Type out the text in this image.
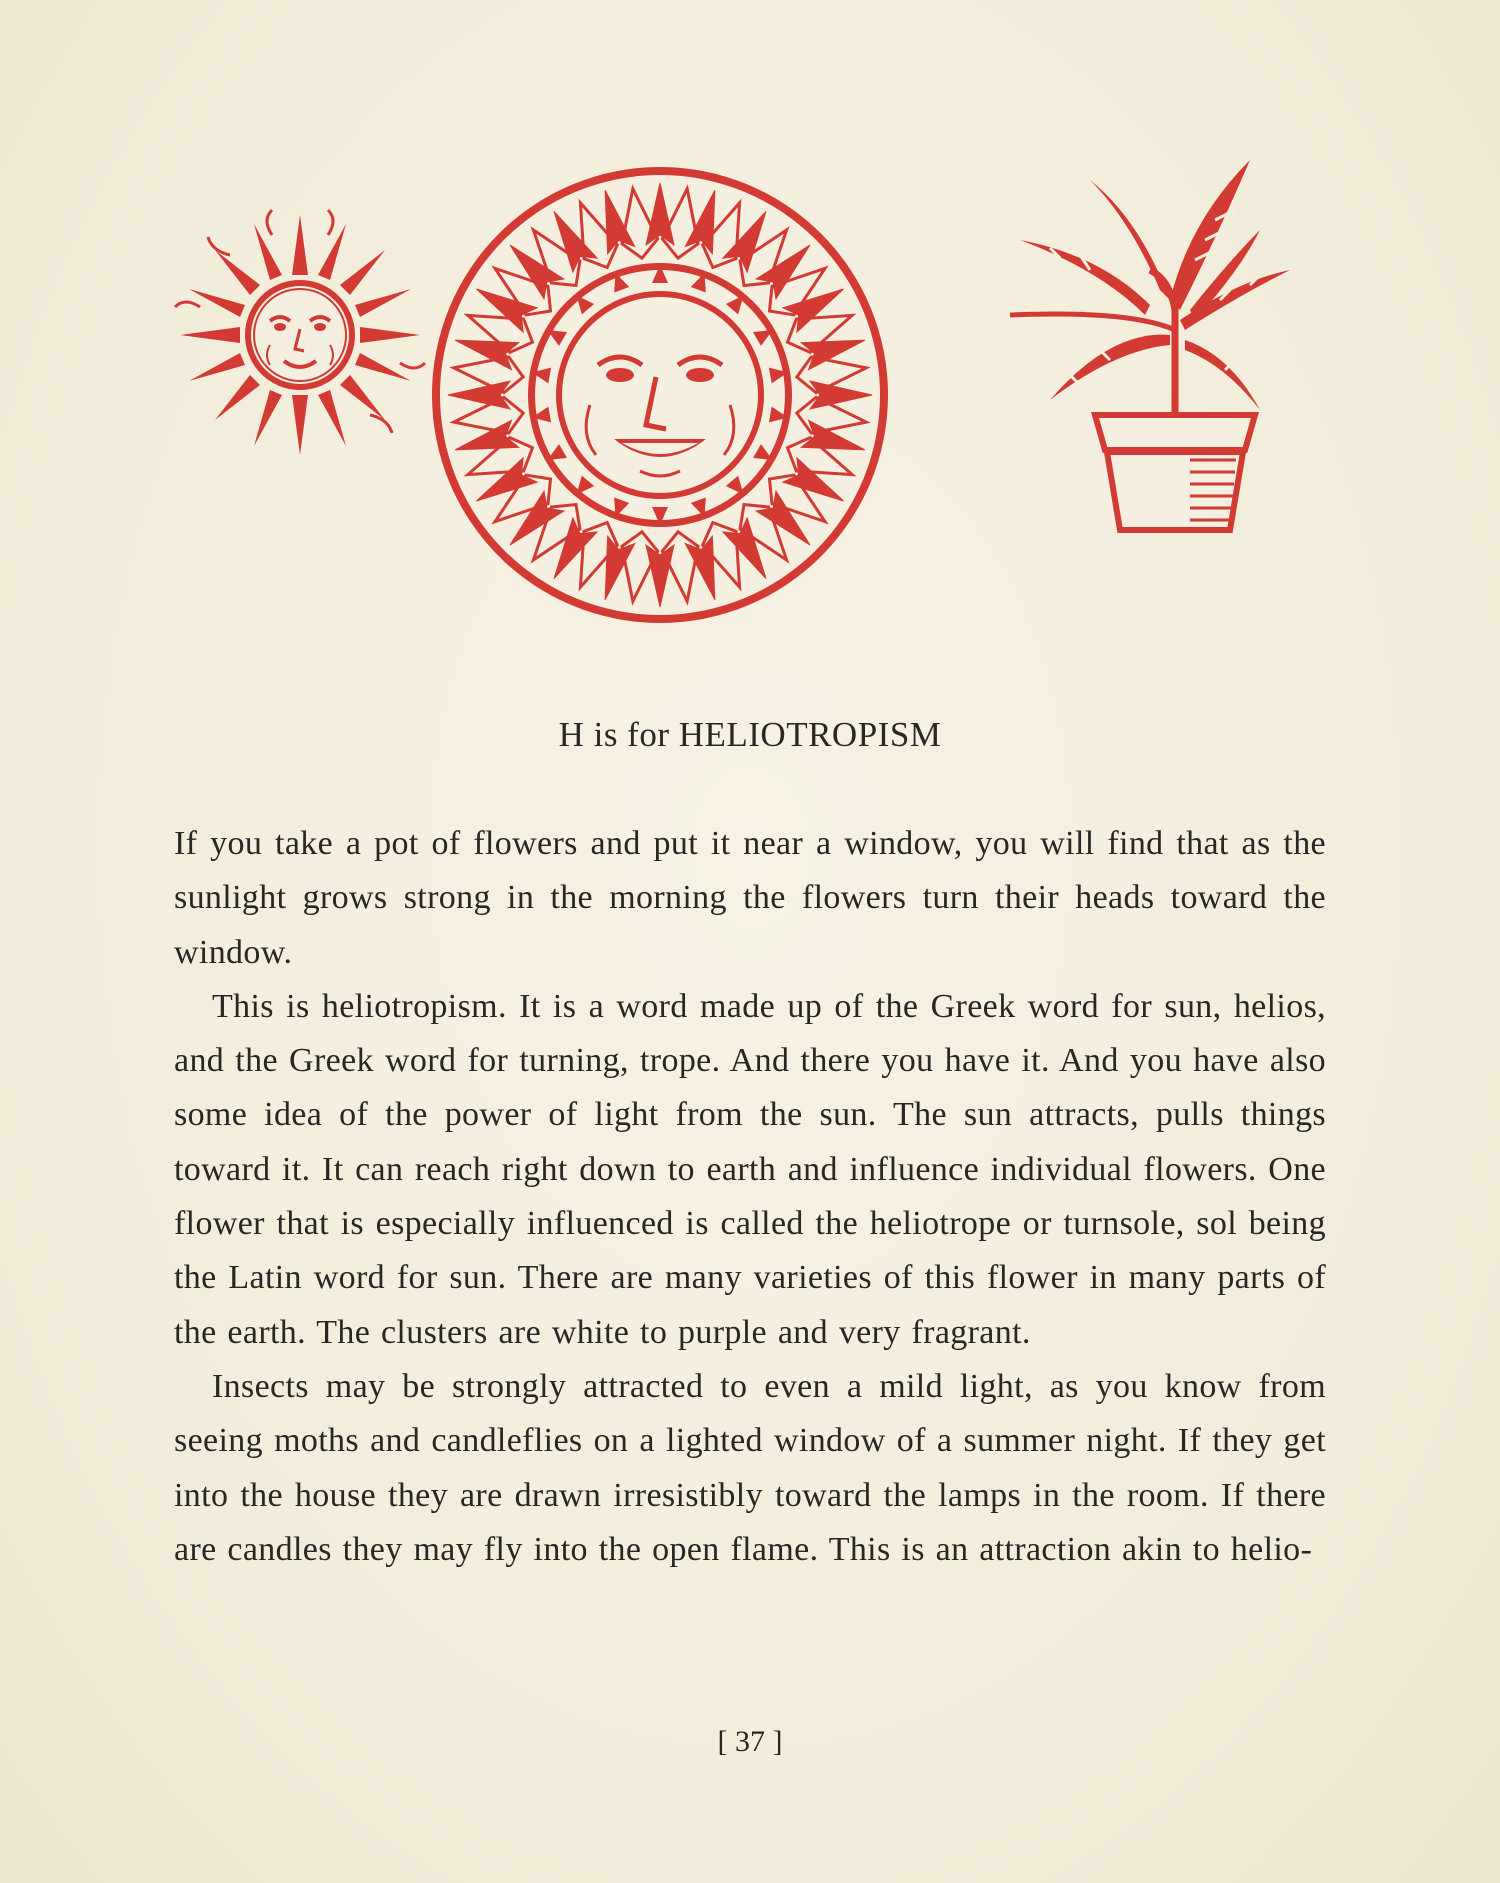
H is for HELIOTROPISM

If you take a pot of flowers and put it near a window, you will find that as the sunlight grows strong in the morning the flowers turn their heads toward the window.

This is heliotropism. It is a word made up of the Greek word for sun, helios, and the Greek word for turning, trope. And there you have it. And you have also some idea of the power of light from the sun. The sun attracts, pulls things toward it. It can reach right down to earth and influence individual flowers. One flower that is especially influenced is called the heliotrope or turnsole, sol being the Latin word for sun. There are many varieties of this flower in many parts of the earth. The clusters are white to purple and very fragrant.

Insects may be strongly attracted to even a mild light, as you know from seeing moths and candleflies on a lighted window of a summer night. If they get into the house they are drawn irresistibly toward the lamps in the room. If there are candles they may fly into the open flame. This is an attraction akin to helio-

[ 37 ]
